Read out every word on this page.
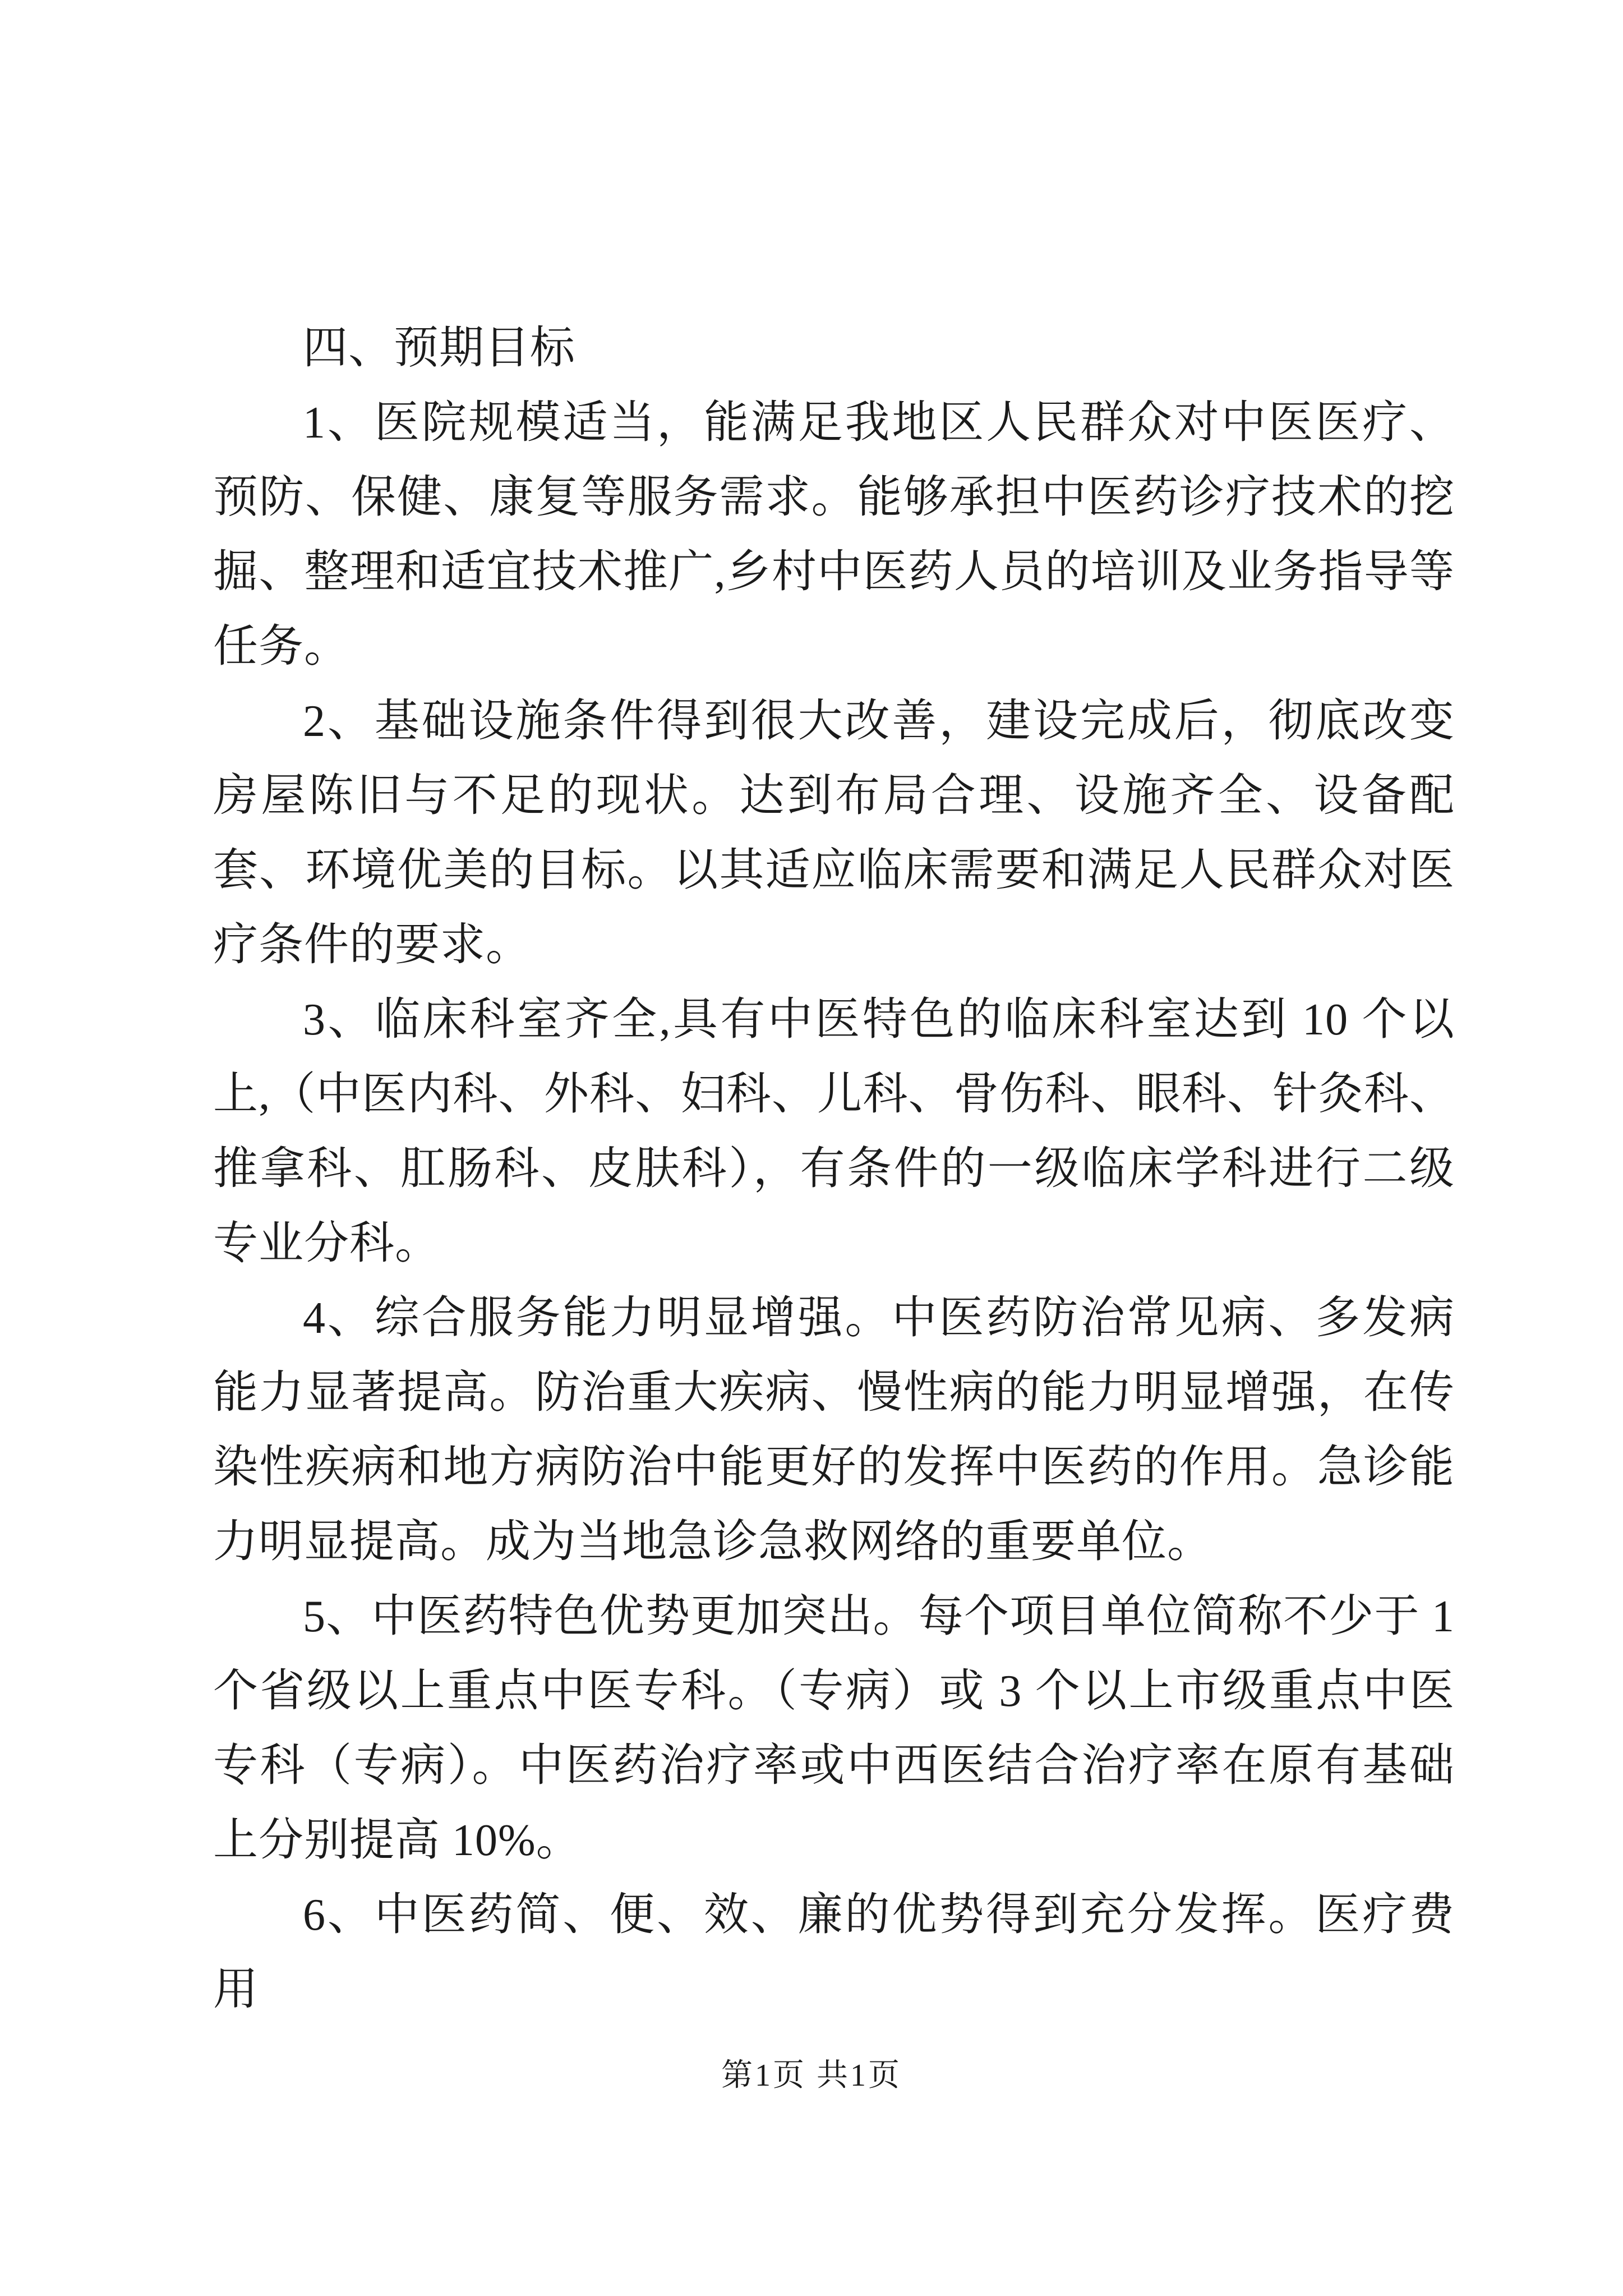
四、预期目标

1、医院规模适当，能满足我地区人民群众对中医医疗、预防、保健、康复等服务需求。能够承担中医药诊疗技术的挖掘、整理和适宜技术推广,乡村中医药人员的培训及业务指导等任务。

2、基础设施条件得到很大改善，建设完成后，彻底改变房屋陈旧与不足的现状。达到布局合理、设施齐全、设备配套、环境优美的目标。以其适应临床需要和满足人民群众对医疗条件的要求。

3、临床科室齐全,具有中医特色的临床科室达到 10 个以上,（中医内科、外科、妇科、儿科、骨伤科、眼科、针灸科、推拿科、肛肠科、皮肤科），有条件的一级临床学科进行二级专业分科。

4、综合服务能力明显增强。中医药防治常见病、多发病能力显著提高。防治重大疾病、慢性病的能力明显增强，在传染性疾病和地方病防治中能更好的发挥中医药的作用。急诊能力明显提高。成为当地急诊急救网络的重要单位。

5、中医药特色优势更加突出。每个项目单位简称不少于 1 个省级以上重点中医专科。（专病）或 3 个以上市级重点中医专科（专病）。中医药治疗率或中西医结合治疗率在原有基础上分别提高 10%。

6、中医药简、便、效、廉的优势得到充分发挥。医疗费用

第1页 共1页
